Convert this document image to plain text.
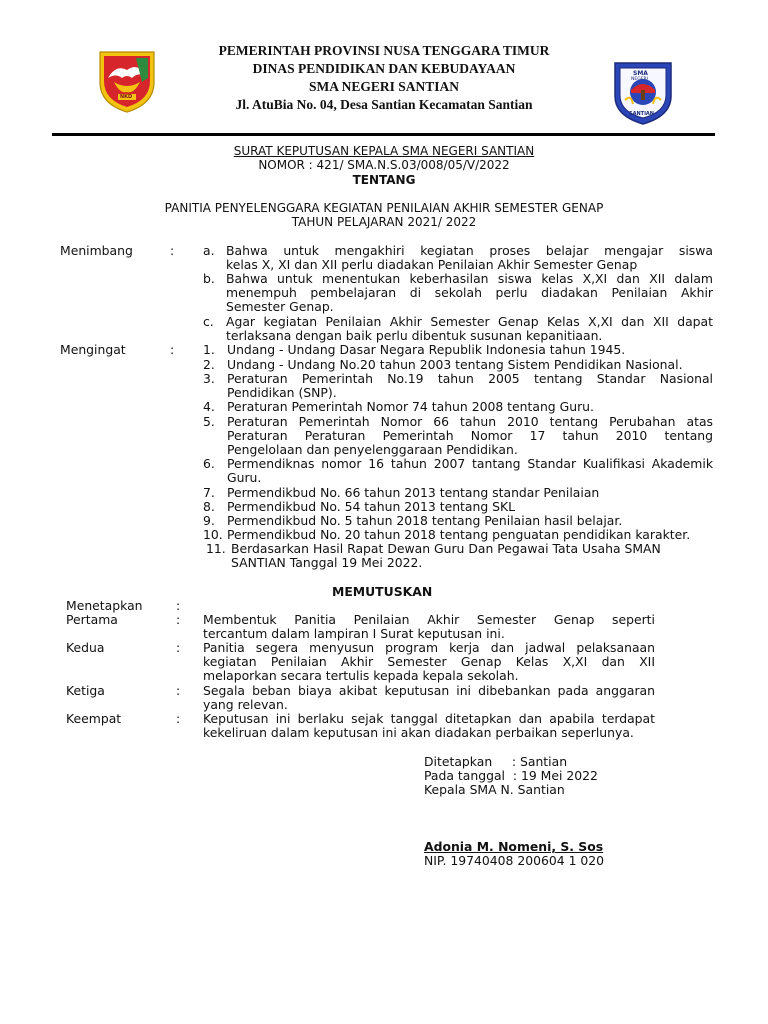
NKD
SMA
NEGERI
SANTIAN
PEMERINTAH PROVINSI NUSA TENGGARA TIMUR
DINAS PENDIDIKAN DAN KEBUDAYAAN
SMA NEGERI SANTIAN
Jl. AtuBia No. 04, Desa Santian Kecamatan Santian
SURAT KEPUTUSAN KEPALA SMA NEGERI SANTIAN
NOMOR : 421/ SMA.N.S.03/008/05/V/2022
TENTANG
PANITIA PENYELENGGARA KEGIATAN PENILAIAN AKHIR SEMESTER GENAP
TAHUN PELAJARAN 2021/ 2022
Menimbang	: a. Bahwa untuk mengakhiri kegiatan proses belajar mengajar siswa
kelas X, XI dan XII perlu diadakan Penilaian Akhir Semester Genap
b. Bahwa untuk menentukan keberhasilan siswa kelas X,XI dan XII dalam
menempuh pembelajaran di sekolah perlu diadakan Penilaian Akhir
Semester Genap.
c. Agar kegiatan Penilaian Akhir Semester Genap Kelas X,XI dan XII dapat
terlaksana dengan baik perlu dibentuk susunan kepanitiaan.
Mengingat	: 1. Undang - Undang Dasar Negara Republik Indonesia tahun 1945.
2. Undang - Undang No.20 tahun 2003 tentang Sistem Pendidikan Nasional.
3. Peraturan Pemerintah No.19 tahun 2005 tentang Standar Nasional
Pendidikan (SNP).
4. Peraturan Pemerintah Nomor 74 tahun 2008 tentang Guru.
5. Peraturan Pemerintah Nomor 66 tahun 2010 tentang Perubahan atas
Peraturan Peraturan Pemerintah Nomor 17 tahun 2010 tentang
Pengelolaan dan penyelenggaraan Pendidikan.
6. Permendiknas nomor 16 tahun 2007 tantang Standar Kualifikasi Akademik
Guru.
7. Permendikbud No. 66 tahun 2013 tentang standar Penilaian
8. Permendikbud No. 54 tahun 2013 tentang SKL
9. Permendikbud No. 5 tahun 2018 tentang Penilaian hasil belajar.
10. Permendikbud No. 20 tahun 2018 tentang penguatan pendidikan karakter.
11. Berdasarkan Hasil Rapat Dewan Guru Dan Pegawai Tata Usaha SMAN
SANTIAN Tanggal 19 Mei 2022.
MEMUTUSKAN
Menetapkan	:
Pertama	: Membentuk Panitia Penilaian Akhir Semester Genap seperti
tercantum dalam lampiran I Surat keputusan ini.
Kedua	: Panitia segera menyusun program kerja dan jadwal pelaksanaan
kegiatan Penilaian Akhir Semester Genap Kelas X,XI dan XII
melaporkan secara tertulis kepada kepala sekolah.
Ketiga	: Segala beban biaya akibat keputusan ini dibebankan pada anggaran
yang relevan.
Keempat	: Keputusan ini berlaku sejak tanggal ditetapkan dan apabila terdapat
kekeliruan dalam keputusan ini akan diadakan perbaikan seperlunya.
Ditetapkan     : Santian
Pada tanggal  : 19 Mei 2022
Kepala SMA N. Santian
Adonia M. Nomeni, S. Sos
NIP. 19740408 200604 1 020
